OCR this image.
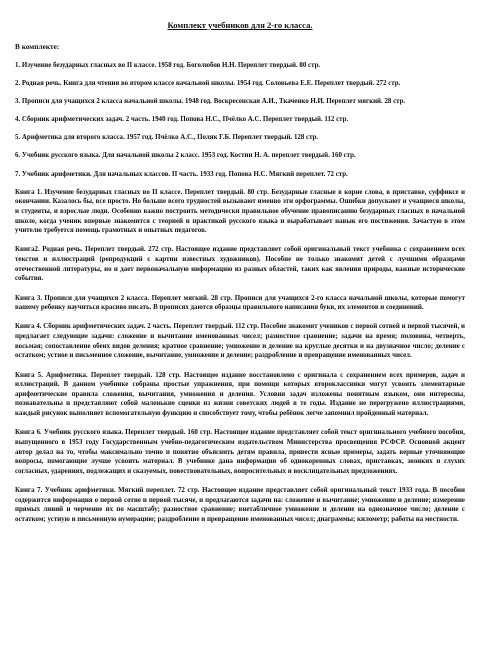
Комплект учебников для 2-го класса.
В комплекте:
1. Изучение безударных гласных во II классе. 1958 год. Боголюбов Н.Н. Переплет твердый. 80 стр.
2. Родная речь. Книга для чтения во втором классе начальной школы. 1954 год. Соловьева Е.Е. Переплет твердый. 272 стр.
3. Прописи для учащихся 2 класса начальной школы. 1948 год. Воскресенская А.И., Ткаченко Н.И. Переплет мягкий. 28 стр.
4. Сборник арифметических задач. 2 часть. 1940 год. Попова Н.С., Пчёлко А.С. Переплет твердый. 112 стр.
5. Арифметика для второго класса. 1957 год. Пчёлко А.С., Поляк Г.Б. Переплет твердый. 128 стр.
6. Учебник русского языка. Для начальной школы 2 класс. 1953 год. Костин Н. А. переплет твердый. 160 стр.
7. Учебник арифметики. Для начальных классов. II часть. 1933 год. Попова Н.С. Мягкий переплет. 72 стр.

Книга 1. Изучение безударных гласных во II классе. Переплет твердый. 80 стр. Безударные гласные в корне слова, в приставке, суффиксе и окончании. Казалось бы, все просто. Но больше всего трудностей вызывают именно эти орфограммы. Ошибки допускают и учащиеся школы, и студенты, и взрослые люди. Особенно важно построить методически правильное обучение правописанию безударных гласных в начальной школе, когда ученик впервые знакомится с теорией и практикой русского языка и вырабатывает навык его постижения. Зачастую в этом учителю требуется помощь грамотных и опытных педагогов.

Книга2. Родная речь. Переплет твердый. 272 стр. Настоящее издание представляет собой оригинальный текст учебника с сохранением всех текстов и иллюстраций (репродукций с картин известных художников). Пособие не только знакомит детей с лучшими образцами отечественной литературы, но и дает первоначальную информацию из разных областей, таких как явления природы, важные исторические события.

Книга 3. Прописи для учащихся 2 класса. Переплет мягкий. 28 стр. Прописи для учащихся 2-го класса начальной школы, которые помогут вашему ребенку научиться красиво писать. В прописях даются образцы правильного написания букв, их элементов и соединений.

Книга 4. Сборник арифметических задач. 2 часть. Переплет твердый. 112 стр. Пособие знакомит учеников с первой сотней и первой тысячей, и предлагает следующие задачи: сложение и вычитание именованных чисел; разностное сравнение; задачи на время; половина, четверть, восьмая; сопоставление обеих видов деления; кратное сравнение; умножение и деление на круглые десятки и на двузначное число; деление с остатком; устное и письменное сложение, вычитание, умножение и деление; раздробление и превращение именованных чисел.

Книга 5. Арифметика. Переплет твердый. 128 стр. Настоящее издание восстановлено с оригинала с сохранением всех примеров, задач и иллюстраций. В данном учебнике собраны простые упражнения, при помощи которых второклассники могут усвоить элементарные арифметические правила сложения, вычитания, умножения и деления. Условия задач изложены понятным языком, они интересны, познавательны и представляют собой маленькие сценки из жизни советских людей в те годы. Издание не перегружено иллюстрациями, каждый рисунок выполняет вспомогательную функцию и способствует тому, чтобы ребёнок легче запомнил пройденный материал.

Книга 6. Учебник русского языка. Переплет твердый. 160 стр. Настоящее издание представляет собой текст оригинального учебного пособия, выпущенного в 1953 году Государственным учебно-педагогическим издательством Министерства просвещения РСФСР. Основной акцент автор делал на то, чтобы максимально точно и понятно объяснить детям правила, привести ясные примеры, задать верные уточняющие вопросы, помогающие лучше усвоить материал. В учебнике дана информация об однокоренных словах, приставках, звонких и глухих согласных, ударениях, подлежащих и сказуемых, повествовательных, вопросительных и восклицательных предложениях.

Книга 7. Учебник арифметики. Мягкий переплет. 72 стр. Настоящее издание представляет собой оригинальный текст 1933 года. В пособии содержится информация о первой сотне и первой тысяче, и предлагаются задачи на: сложение и вычитание; умножение и деление; измерение прямых линий и черчение их по масштабу; разностное сравнение; внетабличное умножение и деление на однозначное число; деление с остатком; устную и письменную нумерацию; раздробление и превращение именованных чисел; диаграммы; километр; работы на местности.
